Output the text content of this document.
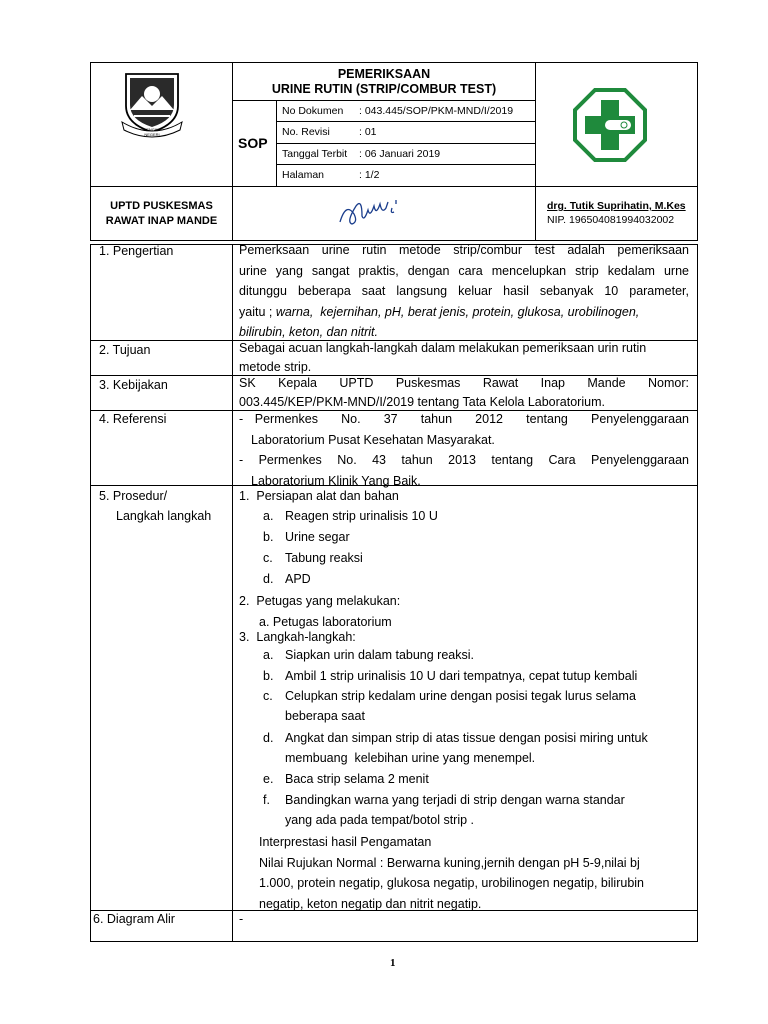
BENGKU NEGERI
PEMERIKSAAN
URINE RUTIN (STRIP/COMBUR TEST)
SOP
No Dokumen : 043.445/SOP/PKM-MND/I/2019
No. Revisi	: 01
Tanggal Terbit : 06 Januari 2019
Halaman	: 1/2
UPTD PUSKESMAS
RAWAT INAP MANDE
drg. Tutik Suprihatin, M.Kes
NIP. 196504081994032002
1. Pengertian	Pemerksaan urine rutin metode strip/combur test adalah pemeriksaan
urine yang sangat praktis, dengan cara mencelupkan strip kedalam urne
ditunggu beberapa saat langsung keluar hasil sebanyak 10 parameter,
yaitu ; warna,  kejernihan, pH, berat jenis, protein, glukosa, urobilinogen,
bilirubin, keton, dan nitrit.
2. Tujuan	Sebagai acuan langkah-langkah dalam melakukan pemeriksaan urin rutin
metode strip.
3. Kebijakan	SK  Kepala  UPTD  Puskesmas  Rawat  Inap  Mande  Nomor:
003.445/KEP/PKM-MND/I/2019 tentang Tata Kelola Laboratorium.
4. Referensi	- Permenkes  No.  37  tahun  2012  tentang  Penyelenggaraan
Laboratorium Pusat Kesehatan Masyarakat.
- Permenkes No. 43 tahun 2013 tentang Cara Penyelenggaraan
Laboratorium Klinik Yang Baik.
5. Prosedur/
Langkah langkah
1.  Persiapan alat dan bahan
a. Reagen strip urinalisis 10 U
b. Urine segar
c. Tabung reaksi
d. APD
2.  Petugas yang melakukan:
a. Petugas laboratorium
3.  Langkah-langkah:
a. Siapkan urin dalam tabung reaksi.
b. Ambil 1 strip urinalisis 10 U dari tempatnya, cepat tutup kembali
c. Celupkan strip kedalam urine dengan posisi tegak lurus selama
beberapa saat
d. Angkat dan simpan strip di atas tissue dengan posisi miring untuk
membuang  kelebihan urine yang menempel.
e. Baca strip selama 2 menit
f. Bandingkan warna yang terjadi di strip dengan warna standar
yang ada pada tempat/botol strip .
Interprestasi hasil Pengamatan
Nilai Rujukan Normal : Berwarna kuning,jernih dengan pH 5-9,nilai bj
1.000, protein negatip, glukosa negatip, urobilinogen negatip, bilirubin
negatip, keton negatip dan nitrit negatip.
6. Diagram Alir	-
1
